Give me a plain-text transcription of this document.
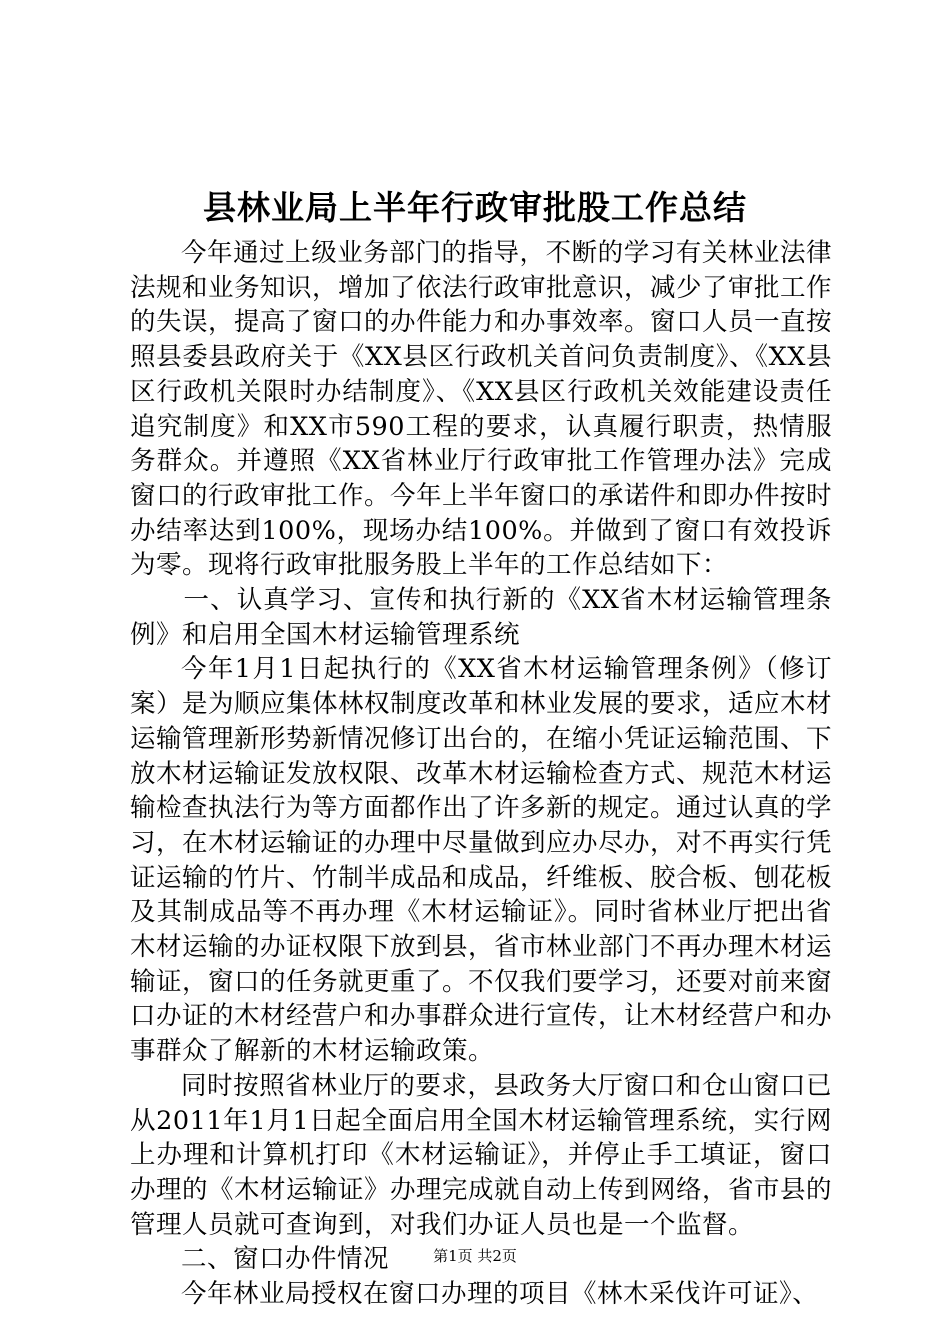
县林业局上半年行政审批股工作总结

今年通过上级业务部门的指导，不断的学习有关林业法律法规和业务知识，增加了依法行政审批意识，减少了审批工作的失误，提高了窗口的办件能力和办事效率。窗口人员一直按照县委县政府关于《XX县区行政机关首问负责制度》、《XX县区行政机关限时办结制度》、《XX县区行政机关效能建设责任追究制度》和XX市590工程的要求，认真履行职责，热情服务群众。并遵照《XX省林业厅行政审批工作管理办法》完成窗口的行政审批工作。今年上半年窗口的承诺件和即办件按时办结率达到100%，现场办结100%。并做到了窗口有效投诉为零。现将行政审批服务股上半年的工作总结如下：

一、认真学习、宣传和执行新的《XX省木材运输管理条例》和启用全国木材运输管理系统

今年1月1日起执行的《XX省木材运输管理条例》（修订案）是为顺应集体林权制度改革和林业发展的要求，适应木材运输管理新形势新情况修订出台的，在缩小凭证运输范围、下放木材运输证发放权限、改革木材运输检查方式、规范木材运输检查执法行为等方面都作出了许多新的规定。通过认真的学习，在木材运输证的办理中尽量做到应办尽办，对不再实行凭证运输的竹片、竹制半成品和成品，纤维板、胶合板、刨花板及其制成品等不再办理《木材运输证》。同时省林业厅把出省木材运输的办证权限下放到县，省市林业部门不再办理木材运输证，窗口的任务就更重了。不仅我们要学习，还要对前来窗口办证的木材经营户和办事群众进行宣传，让木材经营户和办事群众了解新的木材运输政策。

同时按照省林业厅的要求，县政务大厅窗口和仓山窗口已从2011年1月1日起全面启用全国木材运输管理系统，实行网上办理和计算机打印《木材运输证》，并停止手工填证，窗口办理的《木材运输证》办理完成就自动上传到网络，省市县的管理人员就可查询到，对我们办证人员也是一个监督。

二、窗口办件情况

今年林业局授权在窗口办理的项目《林木采伐许可证》、

第1页 共2页
